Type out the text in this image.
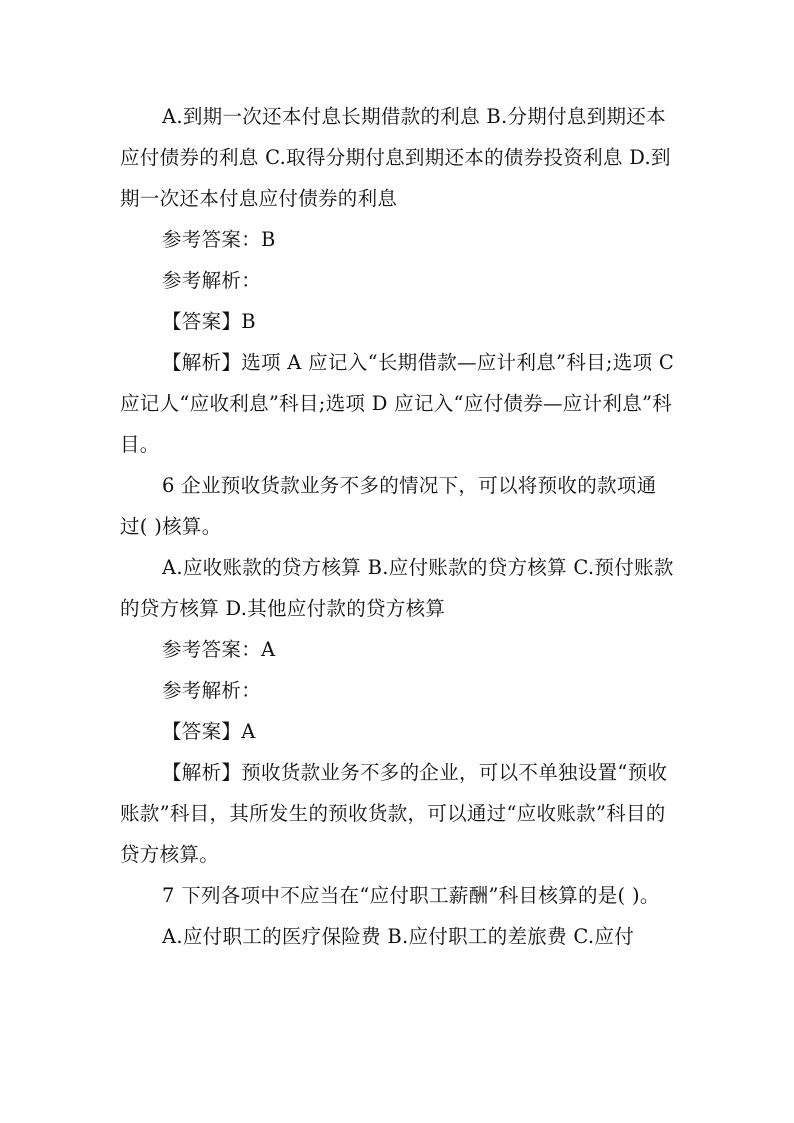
A.到期一次还本付息长期借款的利息 B.分期付息到期还本应付债券的利息 C.取得分期付息到期还本的债券投资利息 D.到期一次还本付息应付债券的利息

参考答案：B

参考解析：

【答案】B

【解析】选项 A 应记入“长期借款—应计利息”科目;选项 C 应记人“应收利息”科目;选项 D 应记入“应付债券—应计利息”科目。

6 企业预收货款业务不多的情况下，可以将预收的款项通过( )核算。

A.应收账款的贷方核算 B.应付账款的贷方核算 C.预付账款的贷方核算 D.其他应付款的贷方核算

参考答案：A

参考解析：

【答案】A

【解析】预收货款业务不多的企业，可以不单独设置“预收账款”科目，其所发生的预收货款，可以通过“应收账款”科目的贷方核算。

7 下列各项中不应当在“应付职工薪酬”科目核算的是( )。

A.应付职工的医疗保险费 B.应付职工的差旅费 C.应付
